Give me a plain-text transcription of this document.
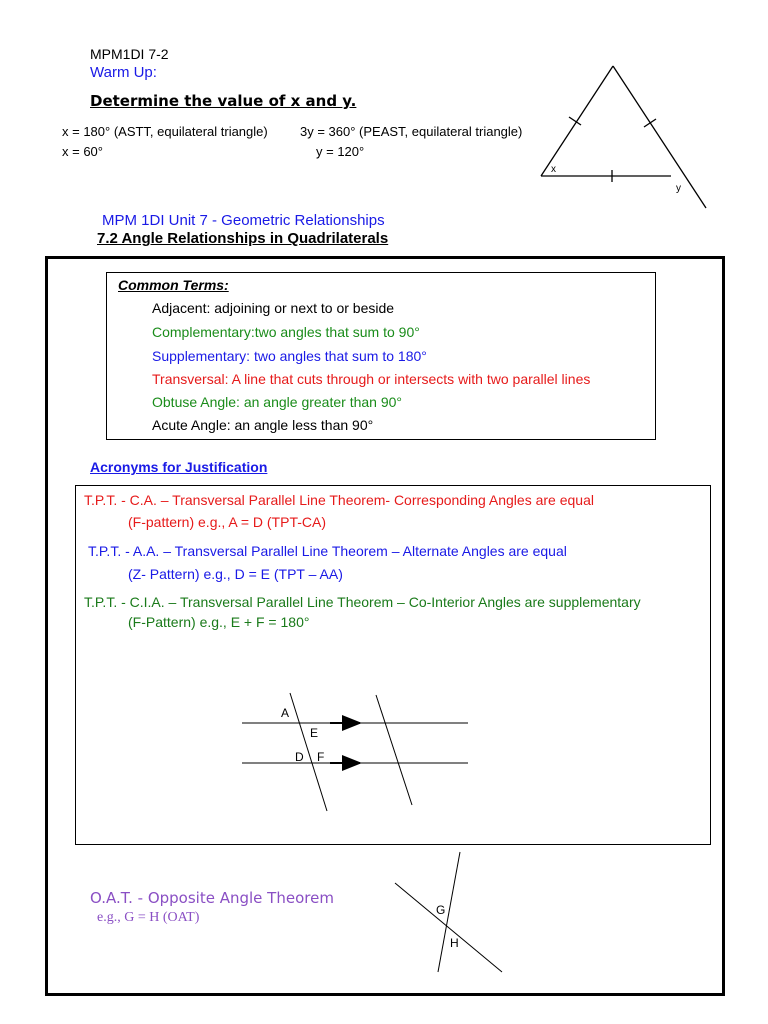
MPM1DI 7-2
Warm Up:
Determine the value of x and y.
x = 180° (ASTT, equilateral triangle)
x = 60°
3y = 360° (PEAST, equilateral triangle)
y = 120°
x
y
MPM 1DI Unit 7 - Geometric Relationships
7.2 Angle Relationships in Quadrilaterals
Common Terms:
Adjacent: adjoining or next to or beside
Complementary:two angles that sum to 90°
Supplementary: two angles that sum to 180°
Transversal: A line that cuts through or intersects with two parallel lines
Obtuse Angle: an angle greater than 90°
Acute Angle: an angle less than 90°
Acronyms for Justification
T.P.T. - C.A. – Transversal Parallel Line Theorem- Corresponding Angles are equal
(F-pattern) e.g., A = D (TPT-CA)
T.P.T. - A.A. – Transversal Parallel Line Theorem – Alternate Angles are equal
(Z- Pattern) e.g., D = E (TPT – AA)
T.P.T. - C.I.A. – Transversal Parallel Line Theorem – Co-Interior Angles are supplementary
(F-Pattern) e.g., E + F = 180°
A
E
D F
O.A.T. - Opposite Angle Theorem
e.g., G = H (OAT)	G
H
